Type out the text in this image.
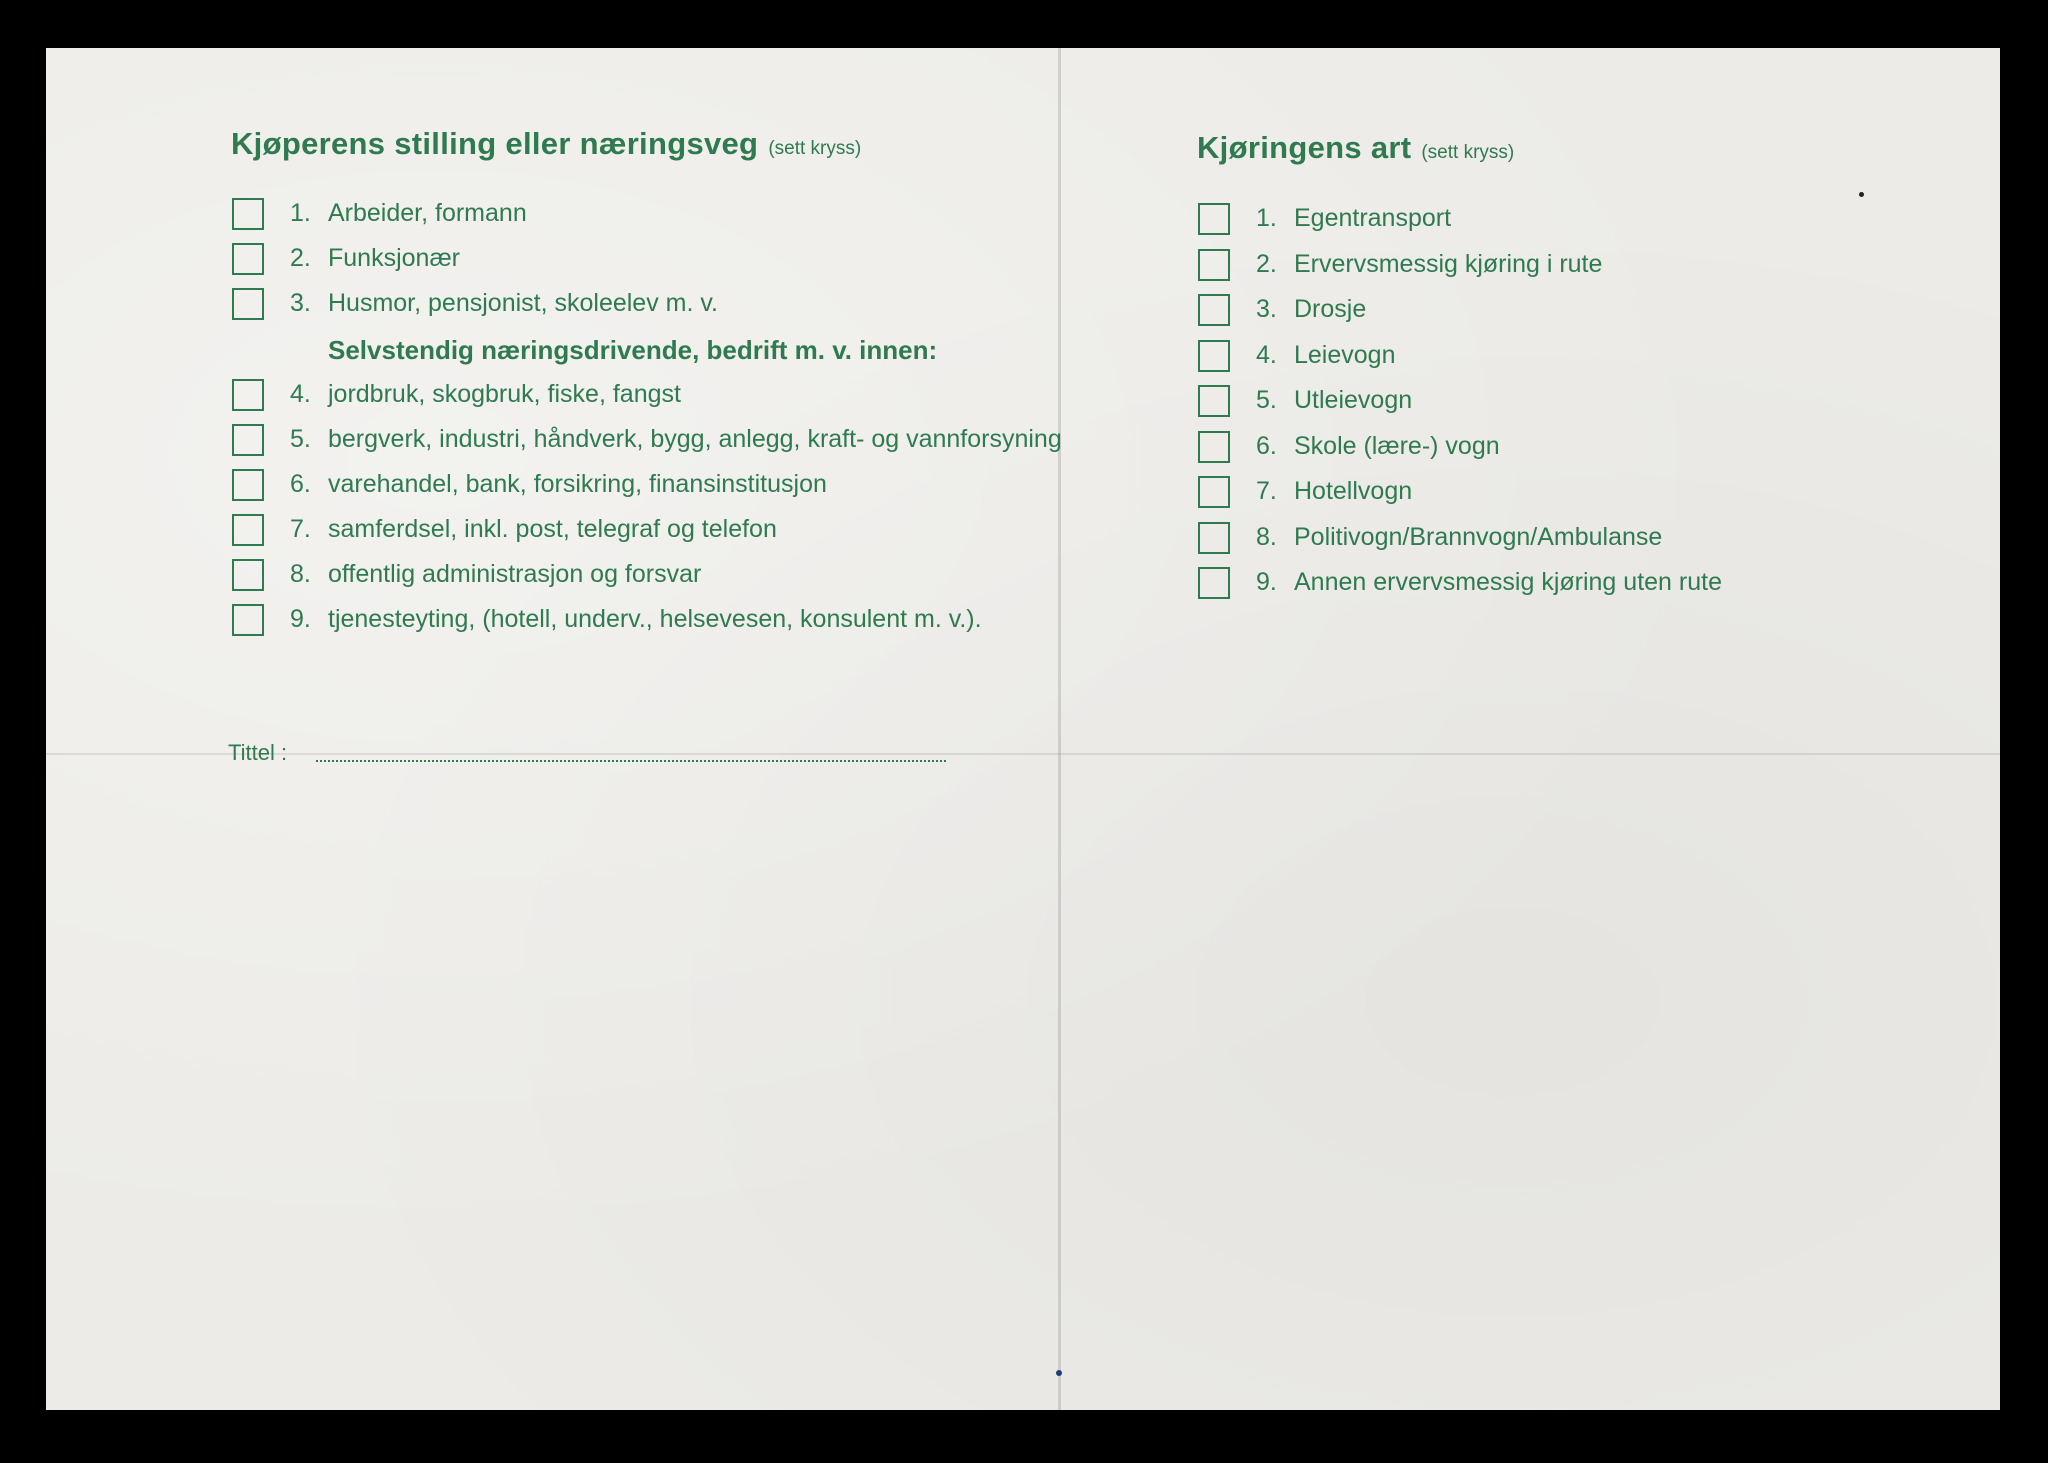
Kjøperens stilling eller næringsveg (sett kryss)
1. Arbeider, formann
2. Funksjonær
3. Husmor, pensjonist, skoleelev m. v.
Selvstendig næringsdrivende, bedrift m. v. innen:
4. jordbruk, skogbruk, fiske, fangst
5. bergverk, industri, håndverk, bygg, anlegg, kraft- og vannforsyning
6. varehandel, bank, forsikring, finansinstitusjon
7. samferdsel, inkl. post, telegraf og telefon
8. offentlig administrasjon og forsvar
9. tjenesteyting, (hotell, underv., helsevesen, konsulent m. v.).
Tittel :
Kjøringens art (sett kryss)
1. Egentransport
2. Ervervsmessig kjøring i rute
3. Drosje
4. Leievogn
5. Utleievogn
6. Skole (lære-) vogn
7. Hotellvogn
8. Politivogn/Brannvogn/Ambulanse
9. Annen ervervsmessig kjøring uten rute
